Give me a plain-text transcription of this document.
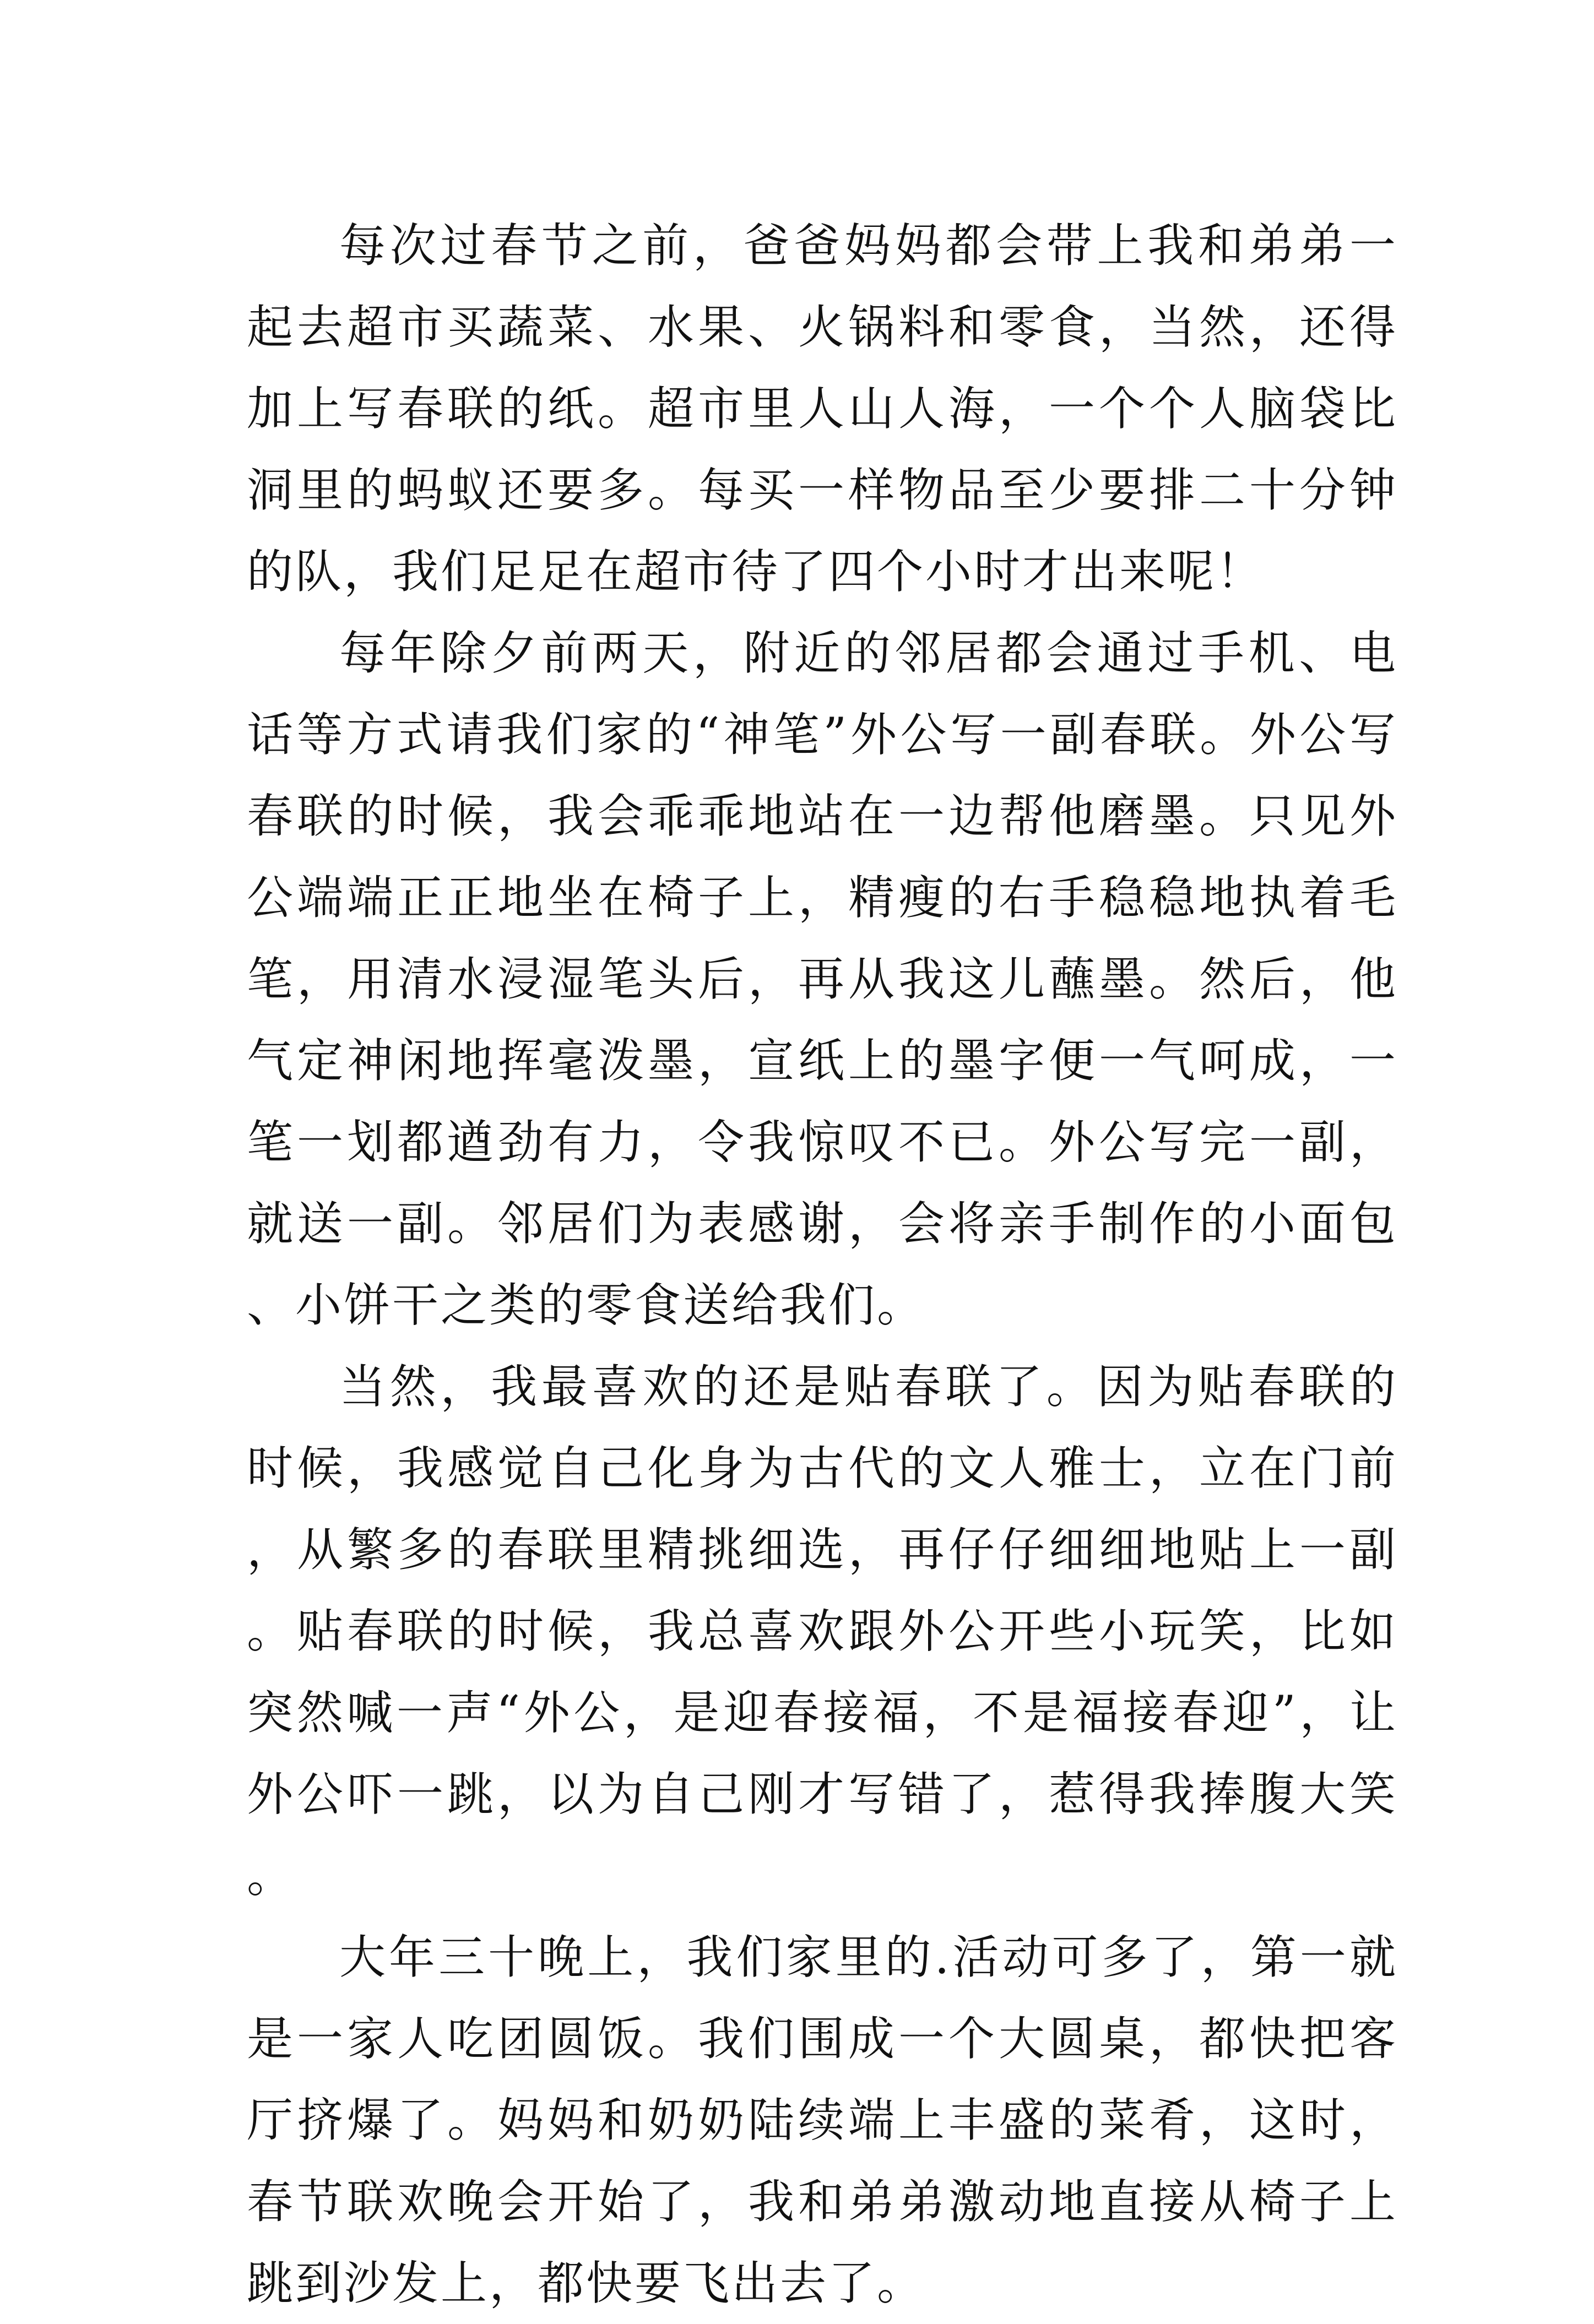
每次过春节之前，爸爸妈妈都会带上我和弟弟一起去超市买蔬菜、水果、火锅料和零食，当然，还得加上写春联的纸。超市里人山人海，一个个人脑袋比洞里的蚂蚁还要多。每买一样物品至少要排二十分钟的队，我们足足在超市待了四个小时才出来呢！

每年除夕前两天，附近的邻居都会通过手机、电话等方式请我们家的“神笔”外公写一副春联。外公写春联的时候，我会乖乖地站在一边帮他磨墨。只见外公端端正正地坐在椅子上，精瘦的右手稳稳地执着毛笔，用清水浸湿笔头后，再从我这儿蘸墨。然后，他气定神闲地挥毫泼墨，宣纸上的墨字便一气呵成，一笔一划都遒劲有力，令我惊叹不已。外公写完一副，就送一副。邻居们为表感谢，会将亲手制作的小面包、小饼干之类的零食送给我们。

当然，我最喜欢的还是贴春联了。因为贴春联的时候，我感觉自己化身为古代的文人雅士，立在门前，从繁多的春联里精挑细选，再仔仔细细地贴上一副。贴春联的时候，我总喜欢跟外公开些小玩笑，比如突然喊一声“外公，是迎春接福，不是福接春迎”，让外公吓一跳，以为自己刚才写错了，惹得我捧腹大笑。

大年三十晚上，我们家里的.活动可多了，第一就是一家人吃团圆饭。我们围成一个大圆桌，都快把客厅挤爆了。妈妈和奶奶陆续端上丰盛的菜肴，这时，春节联欢晚会开始了，我和弟弟激动地直接从椅子上跳到沙发上，都快要飞出去了。
